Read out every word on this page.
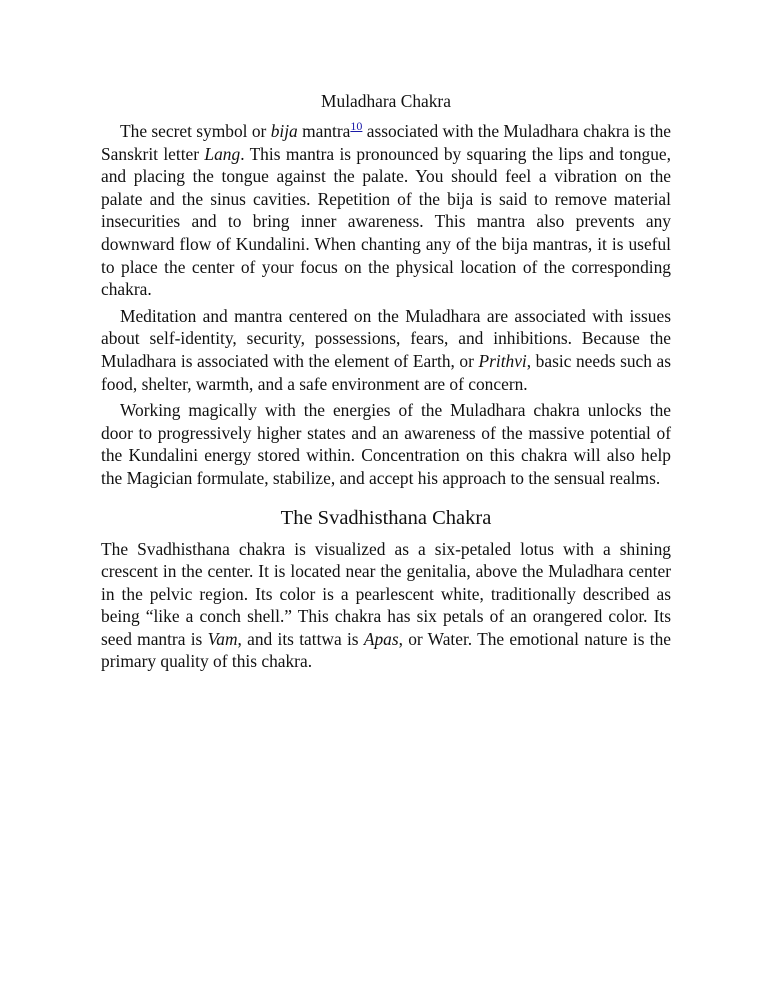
Muladhara Chakra

The secret symbol or bija mantra$^{10}$ associated with the Muladhara chakra is the Sanskrit letter Lang. This mantra is pronounced by squaring the lips and tongue, and placing the tongue against the palate. You should feel a vibration on the palate and the sinus cavities. Repetition of the bija is said to remove material insecurities and to bring inner awareness. This mantra also prevents any downward flow of Kundalini. When chanting any of the bija mantras, it is useful to place the center of your focus on the physical location of the corresponding chakra.

Meditation and mantra centered on the Muladhara are associated with issues about self-identity, security, possessions, fears, and inhibitions. Because the Muladhara is associated with the element of Earth, or Prithvi, basic needs such as food, shelter, warmth, and a safe environment are of concern.

Working magically with the energies of the Muladhara chakra unlocks the door to progressively higher states and an awareness of the massive potential of the Kundalini energy stored within. Concentration on this chakra will also help the Magician formulate, stabilize, and accept his approach to the sensual realms.

The Svadhisthana Chakra

The Svadhisthana chakra is visualized as a six-petaled lotus with a shining crescent in the center. It is located near the genitalia, above the Muladhara center in the pelvic region. Its color is a pearlescent white, traditionally described as being “like a conch shell.” This chakra has six petals of an orangered color. Its seed mantra is Vam, and its tattwa is Apas, or Water. The emotional nature is the primary quality of this chakra.
